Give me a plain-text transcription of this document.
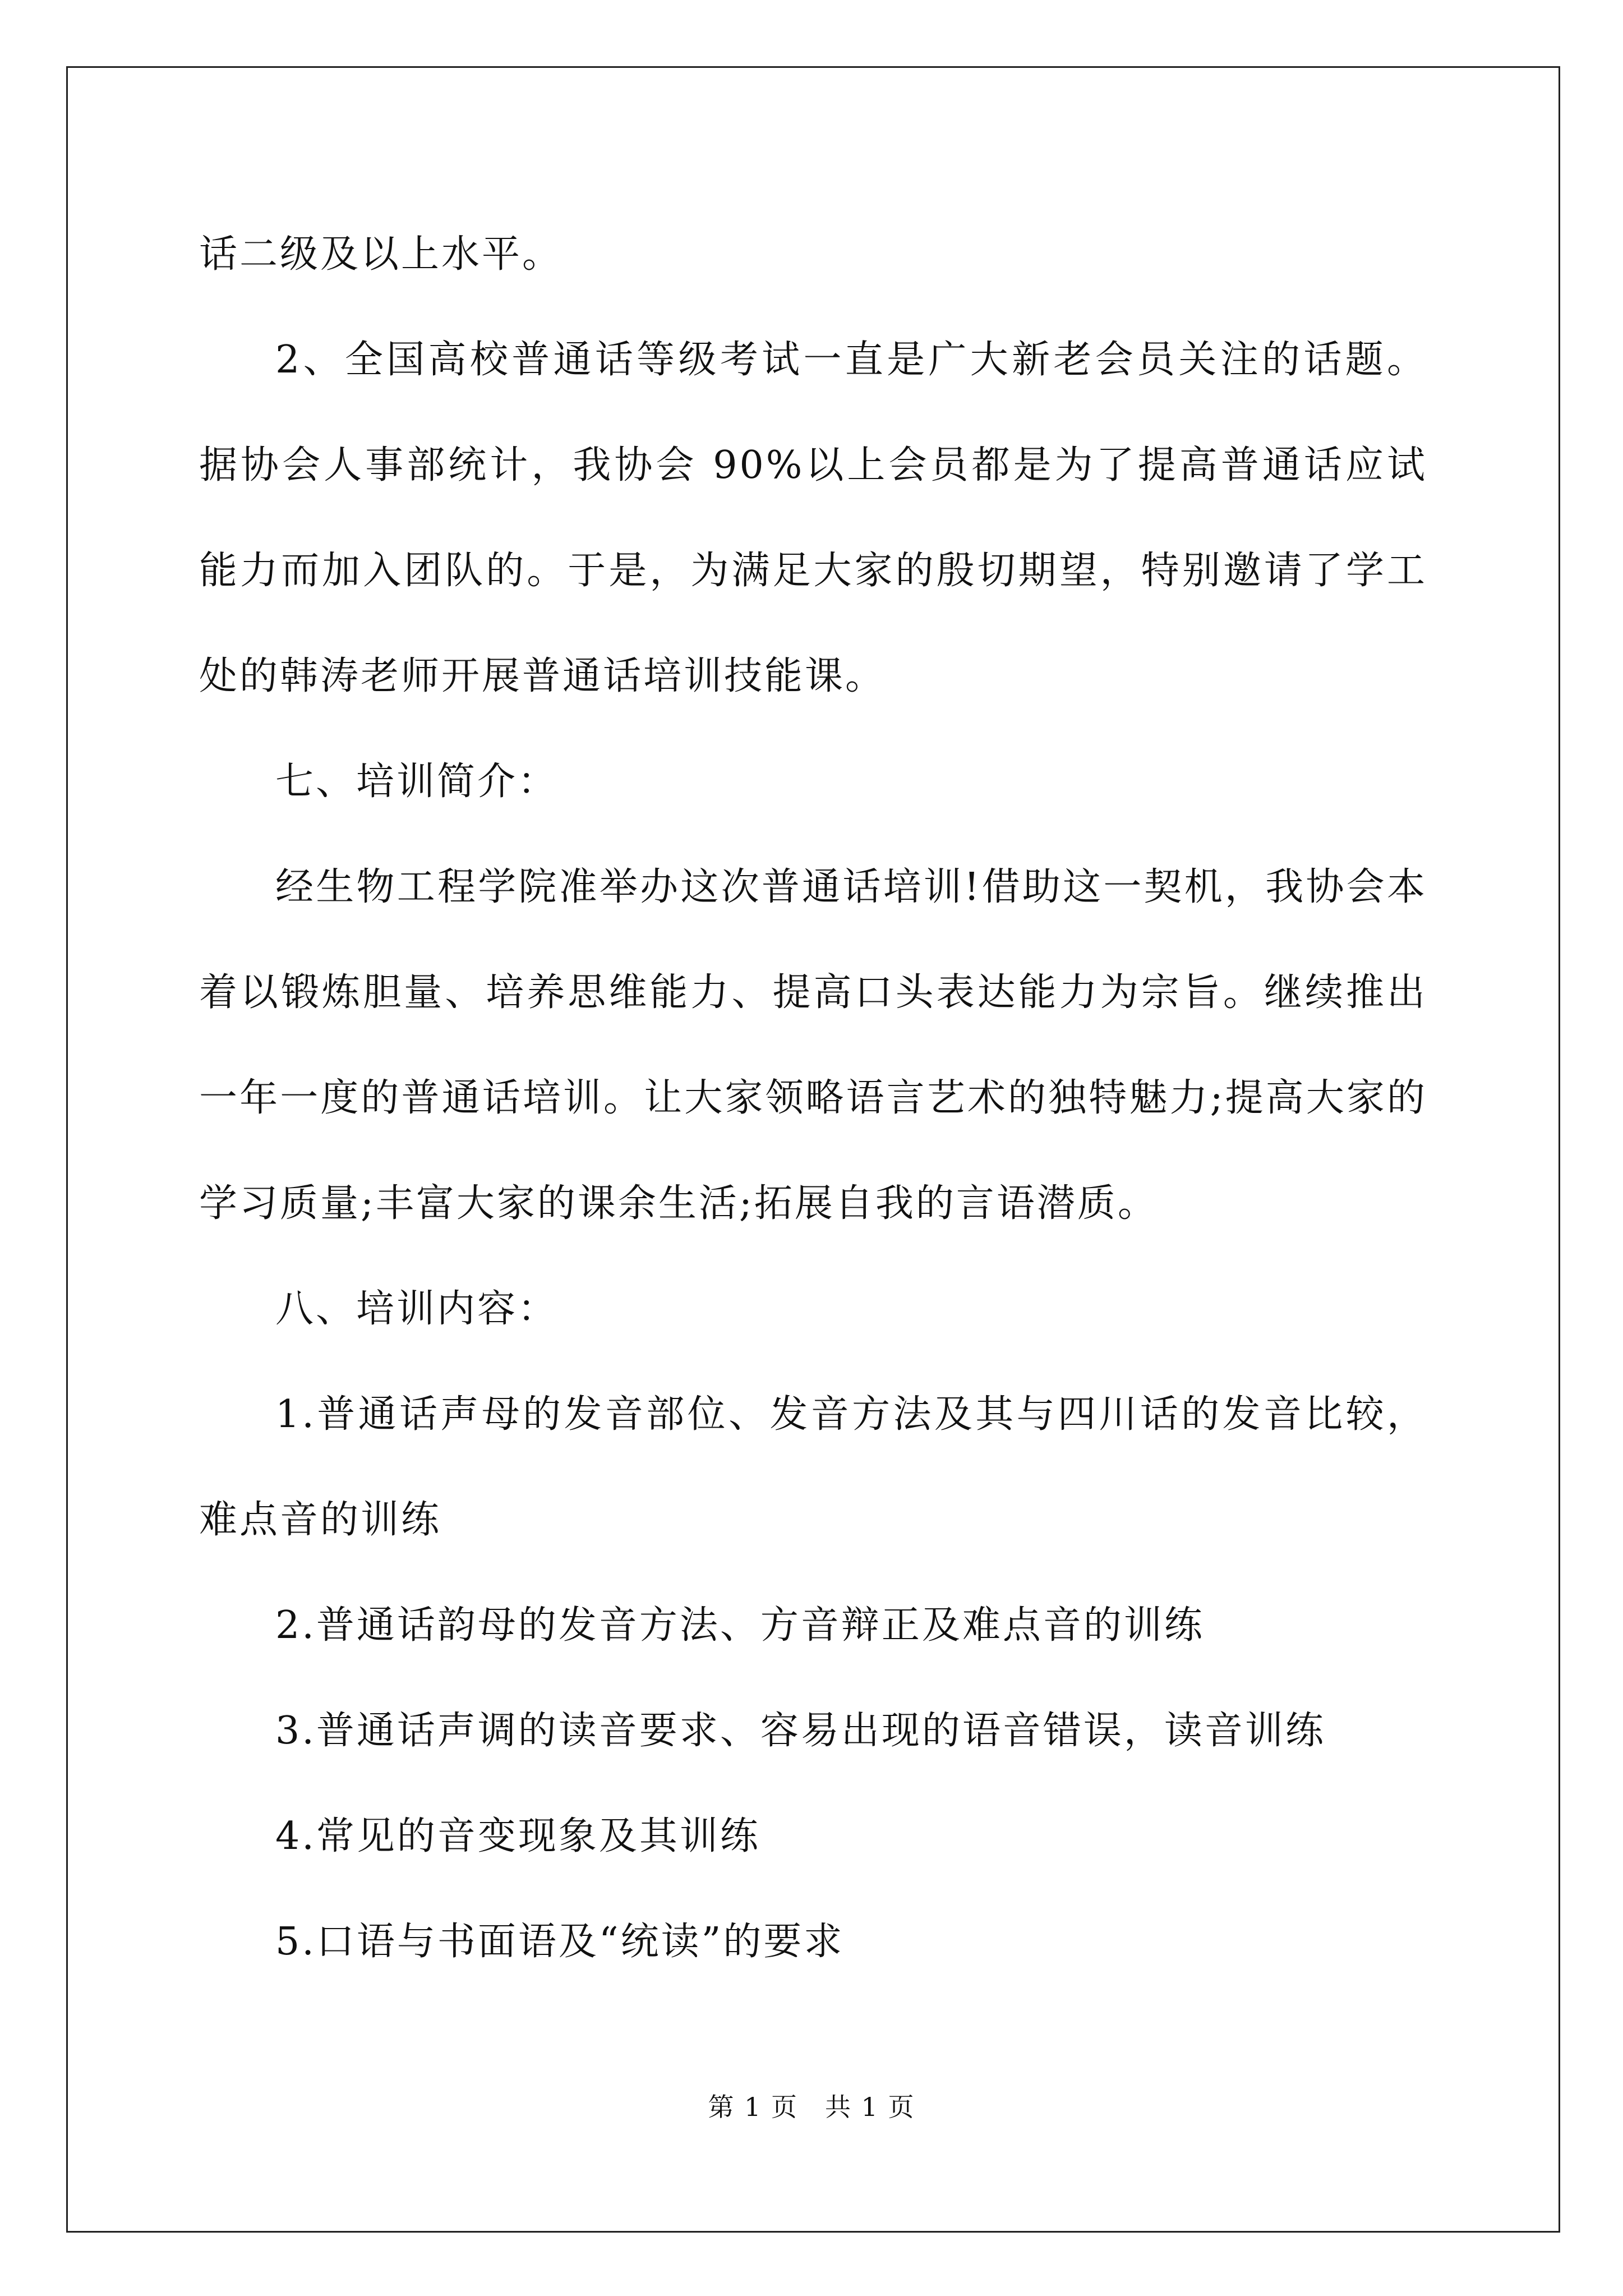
话二级及以上水平。

2、全国高校普通话等级考试一直是广大新老会员关注的话题。据协会人事部统计，我协会 90%以上会员都是为了提高普通话应试能力而加入团队的。于是，为满足大家的殷切期望，特别邀请了学工处的韩涛老师开展普通话培训技能课。

七、培训简介：

经生物工程学院准举办这次普通话培训!借助这一契机，我协会本着以锻炼胆量、培养思维能力、提高口头表达能力为宗旨。继续推出一年一度的普通话培训。让大家领略语言艺术的独特魅力;提高大家的学习质量;丰富大家的课余生活;拓展自我的言语潜质。

八、培训内容：

1.普通话声母的发音部位、发音方法及其与四川话的发音比较，难点音的训练

2.普通话韵母的发音方法、方音辩正及难点音的训练

3.普通话声调的读音要求、容易出现的语音错误，读音训练

4.常见的音变现象及其训练

5.口语与书面语及“统读”的要求

第 1 页　共 1 页
